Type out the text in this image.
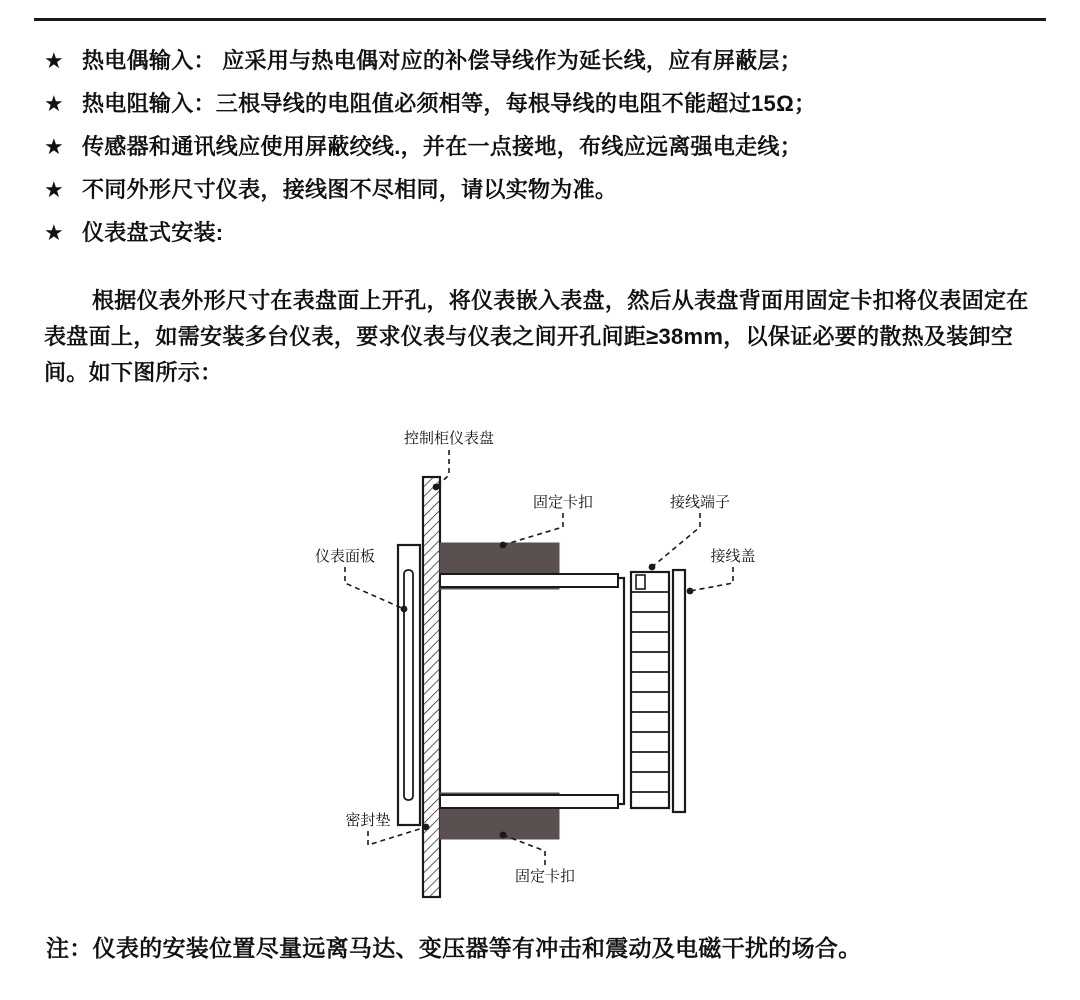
★ 热电偶输入： 应采用与热电偶对应的补偿导线作为延长线，应有屏蔽层；
★ 热电阻输入：三根导线的电阻值必须相等，每根导线的电阻不能超过15Ω；
★ 传感器和通讯线应使用屏蔽绞线.，并在一点接地，布线应远离强电走线；
★ 不同外形尺寸仪表，接线图不尽相同，请以实物为准。
★ 仪表盘式安装:
根据仪表外形尺寸在表盘面上开孔，将仪表嵌入表盘，然后从表盘背面用固定卡扣将仪表固定在表盘面上，如需安装多台仪表，要求仪表与仪表之间开孔间距≥38mm，以保证必要的散热及装卸空间。如下图所示：
控制柜仪表盘
固定卡扣	接线端子
接线盖
仪表面板
密封垫
固定卡扣
注：仪表的安装位置尽量远离马达、变压器等有冲击和震动及电磁干扰的场合。
